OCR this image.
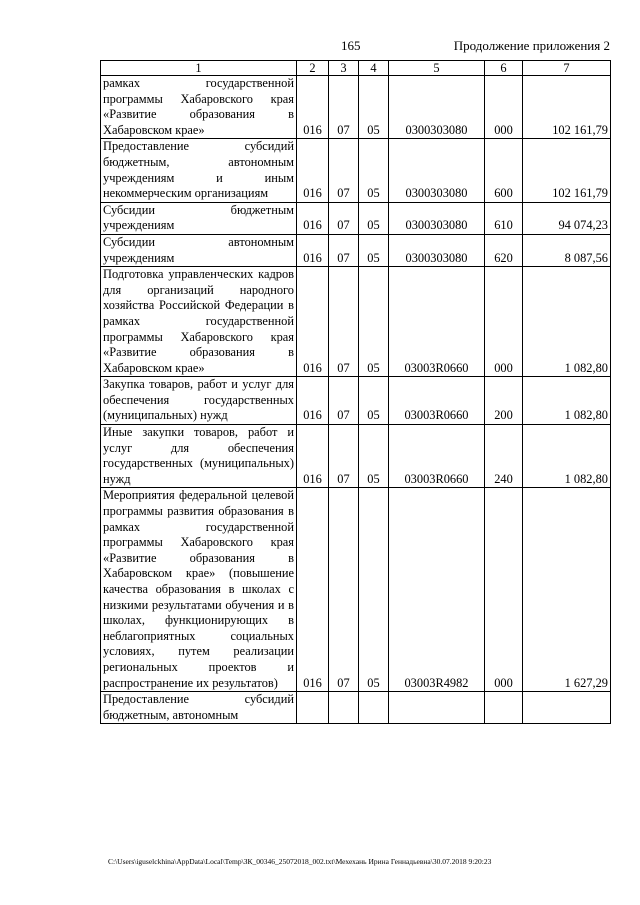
165	Продолжение приложения 2
1	2	3	4	5	6	7
рамках государственной программы Хабаровского края «Развитие образования в Хабаровском крае»	016	07	05	0300303080	000	102 161,79
Предоставление субсидий бюджетным, автономным учреждениям и иным некоммерческим организациям	016	07	05	0300303080	600	102 161,79
Субсидии бюджетным учреждениям	016	07	05	0300303080	610	94 074,23
Субсидии автономным учреждениям	016	07	05	0300303080	620	8 087,56
Подготовка управленческих кадров для организаций народного хозяйства Российской Федерации в рамках государственной программы Хабаровского края «Развитие образования в Хабаровском крае»	016	07	05	03003R0660	000	1 082,80
Закупка товаров, работ и услуг для обеспечения государственных (муниципальных) нужд	016	07	05	03003R0660	200	1 082,80
Иные закупки товаров, работ и услуг для обеспечения государственных (муниципальных) нужд	016	07	05	03003R0660	240	1 082,80
Мероприятия федеральной целевой программы развития образования в рамках государственной программы Хабаровского края «Развитие образования в Хабаровском крае» (повышение качества образования в школах с низкими результатами обучения и в школах, функционирующих в неблагоприятных социальных условиях, путем реализации региональных проектов и распространение их результатов)	016	07	05	03003R4982	000	1 627,29
Предоставление субсидий бюджетным, автономным						
C:\Users\iguselckhina\AppData\Local\Temp\ЗК_00346_25072018_002.txt\Мехехань Ирина Геннадьевна\30.07.2018 9:20:23
